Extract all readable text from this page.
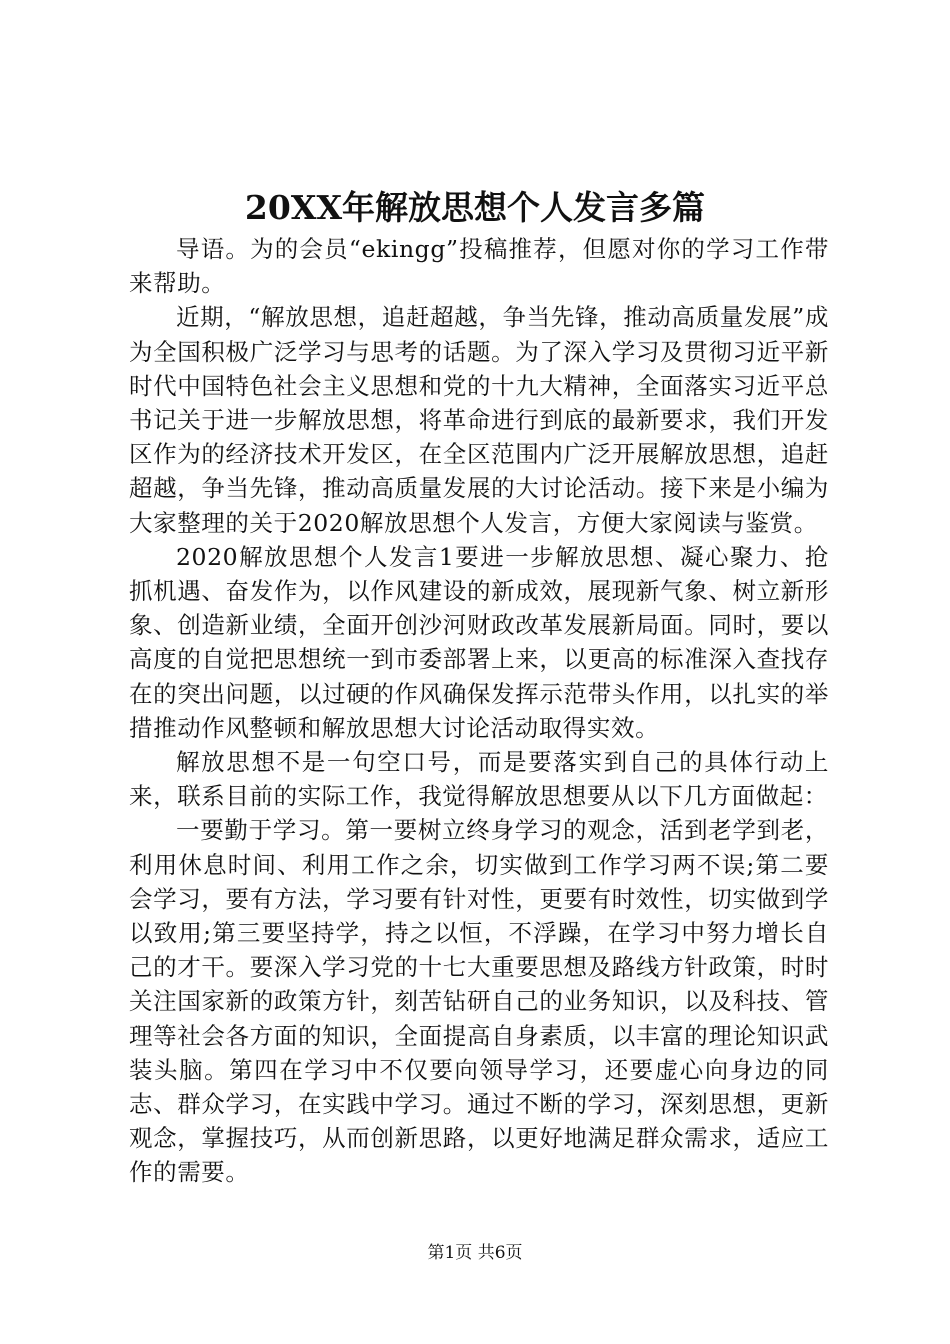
20XX年解放思想个人发言多篇

导语。为的会员“ekingg”投稿推荐，但愿对你的学习工作带来帮助。

近期，“解放思想，追赶超越，争当先锋，推动高质量发展”成为全国积极广泛学习与思考的话题。为了深入学习及贯彻习近平新时代中国特色社会主义思想和党的十九大精神，全面落实习近平总书记关于进一步解放思想，将革命进行到底的最新要求，我们开发区作为的经济技术开发区，在全区范围内广泛开展解放思想，追赶超越，争当先锋，推动高质量发展的大讨论活动。接下来是小编为大家整理的关于2020解放思想个人发言，方便大家阅读与鉴赏。

2020解放思想个人发言1要进一步解放思想、凝心聚力、抢抓机遇、奋发作为，以作风建设的新成效，展现新气象、树立新形象、创造新业绩，全面开创沙河财政改革发展新局面。同时，要以高度的自觉把思想统一到市委部署上来，以更高的标准深入查找存在的突出问题，以过硬的作风确保发挥示范带头作用，以扎实的举措推动作风整顿和解放思想大讨论活动取得实效。

解放思想不是一句空口号，而是要落实到自己的具体行动上来，联系目前的实际工作，我觉得解放思想要从以下几方面做起：

一要勤于学习。第一要树立终身学习的观念，活到老学到老，利用休息时间、利用工作之余，切实做到工作学习两不误;第二要会学习，要有方法，学习要有针对性，更要有时效性，切实做到学以致用;第三要坚持学，持之以恒，不浮躁，在学习中努力增长自己的才干。要深入学习党的十七大重要思想及路线方针政策，时时关注国家新的政策方针，刻苦钻研自己的业务知识，以及科技、管理等社会各方面的知识，全面提高自身素质，以丰富的理论知识武装头脑。第四在学习中不仅要向领导学习，还要虚心向身边的同志、群众学习，在实践中学习。通过不断的学习，深刻思想，更新观念，掌握技巧，从而创新思路，以更好地满足群众需求，适应工作的需要。

第1页 共6页
